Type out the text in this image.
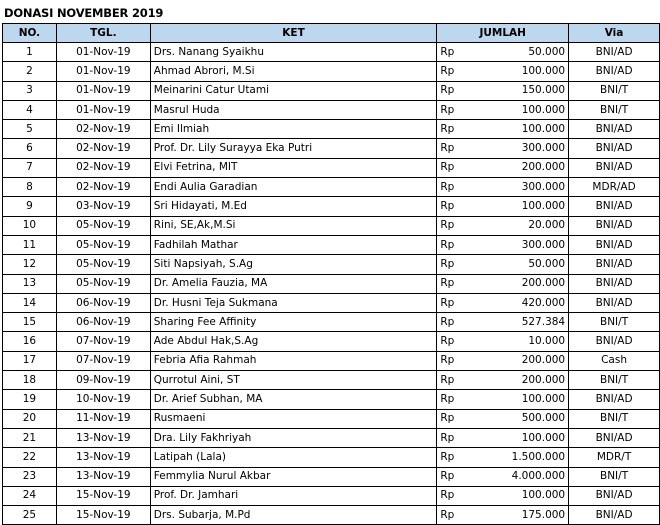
DONASI NOVEMBER 2019
NO.	TGL.	KET	JUMLAH		Via
1	01-Nov-19	Drs. Nanang Syaikhu	Rp	50.000	BNI/AD
2	01-Nov-19	Ahmad Abrori, M.Si	Rp	100.000	BNI/AD
3	01-Nov-19	Meinarini Catur Utami	Rp	150.000	BNI/T
4	01-Nov-19	Masrul Huda	Rp	100.000	BNI/T
5	02-Nov-19	Emi Ilmiah	Rp	100.000	BNI/AD
6	02-Nov-19	Prof. Dr. Lily Surayya Eka Putri	Rp	300.000	BNI/AD
7	02-Nov-19	Elvi Fetrina, MIT	Rp	200.000	BNI/AD
8	02-Nov-19	Endi Aulia Garadian	Rp	300.000	MDR/AD
9	03-Nov-19	Sri Hidayati, M.Ed	Rp	100.000	BNI/AD
10	05-Nov-19	Rini, SE,Ak,M.Si	Rp	20.000	BNI/AD
11	05-Nov-19	Fadhilah Mathar	Rp	300.000	BNI/AD
12	05-Nov-19	Siti Napsiyah, S.Ag	Rp	50.000	BNI/AD
13	05-Nov-19	Dr. Amelia Fauzia, MA	Rp	200.000	BNI/AD
14	06-Nov-19	Dr. Husni Teja Sukmana	Rp	420.000	BNI/AD
15	06-Nov-19	Sharing Fee Affinity	Rp	527.384	BNI/T
16	07-Nov-19	Ade Abdul Hak,S.Ag	Rp	10.000	BNI/AD
17	07-Nov-19	Febria Afia Rahmah	Rp	200.000	Cash
18	09-Nov-19	Qurrotul Aini, ST	Rp	200.000	BNI/T
19	10-Nov-19	Dr. Arief Subhan, MA	Rp	100.000	BNI/AD
20	11-Nov-19	Rusmaeni	Rp	500.000	BNI/T
21	13-Nov-19	Dra. Lily Fakhriyah	Rp	100.000	BNI/AD
22	13-Nov-19	Latipah (Lala)	Rp	1.500.000	MDR/T
23	13-Nov-19	Femmylia Nurul Akbar	Rp	4.000.000	BNI/T
24	15-Nov-19	Prof. Dr. Jamhari	Rp	100.000	BNI/AD
25	15-Nov-19	Drs. Subarja, M.Pd	Rp	175.000	BNI/AD
